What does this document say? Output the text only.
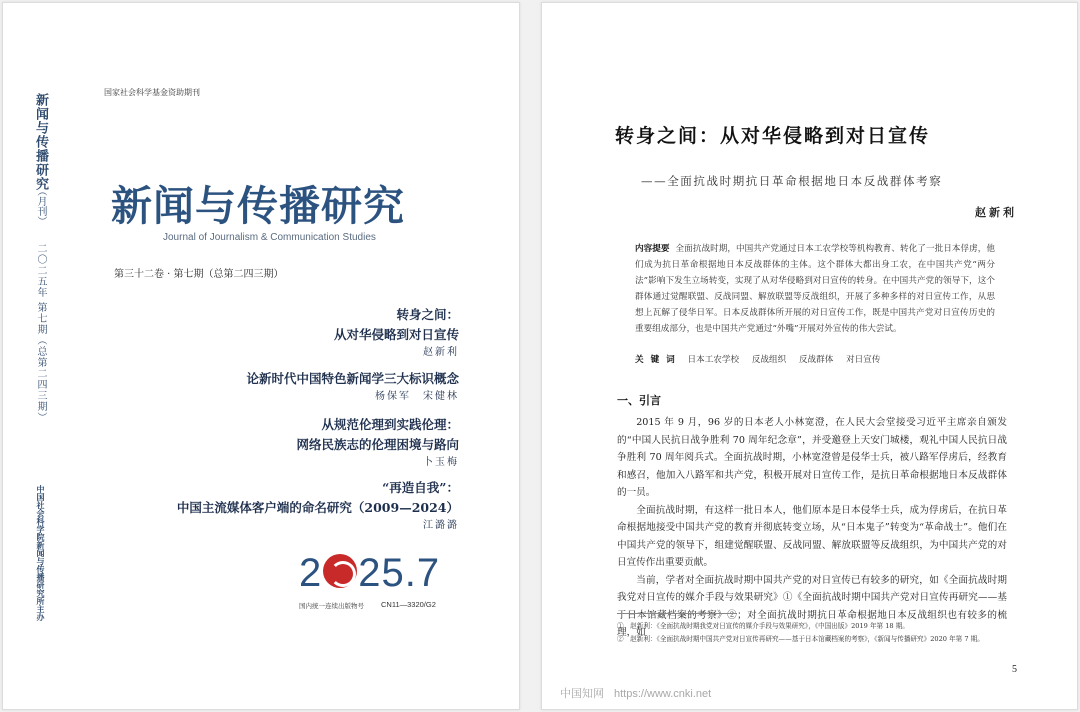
新闻与传播研究
（月刊）
二〇二五年 第七期（总第二四三期）
中国社会科学院新闻与传播研究所主办
国家社会科学基金资助期刊
新闻与传播研究
Journal of Journalism & Communication Studies
第三十二卷 · 第七期（总第二四三期）
转身之间：
从对华侵略到对日宣传
赵新利
论新时代中国特色新闻学三大标识概念
杨保军　宋健林
从规范伦理到实践伦理：
网络民族志的伦理困境与路向
卜玉梅
“再造自我”：
中国主流媒体客户端的命名研究（2009—2024）
江潞潞
2 25.7
国内统一连续出版物号 CN11—3320/G2
转身之间：从对华侵略到对日宣传
——全面抗战时期抗日革命根据地日本反战群体考察
赵新利
内容提要 全面抗战时期，中国共产党通过日本工农学校等机构教育、转化了一批日本俘虏，他们成为抗日革命根据地日本反战群体的主体。这个群体大都出身工农，在中国共产党“两分法”影响下发生立场转变，实现了从对华侵略到对日宣传的转身。在中国共产党的领导下，这个群体通过觉醒联盟、反战同盟、解放联盟等反战组织，开展了多种多样的对日宣传工作，从思想上瓦解了侵华日军。日本反战群体所开展的对日宣传工作，既是中国共产党对日宣传历史的重要组成部分，也是中国共产党通过“外嘴”开展对外宣传的伟大尝试。
关 键 词 日本工农学校 反战组织 反战群体 对日宣传
一、引言

2015 年 9 月，96 岁的日本老人小林宽澄，在人民大会堂接受习近平主席亲自颁发的“中国人民抗日战争胜利 70 周年纪念章”，并受邀登上天安门城楼，观礼中国人民抗日战争胜利 70 周年阅兵式。全面抗战时期，小林宽澄曾是侵华士兵，被八路军俘虏后，经教育和感召，他加入八路军和共产党，积极开展对日宣传工作，是抗日革命根据地日本反战群体的一员。

全面抗战时期，有这样一批日本人，他们原本是日本侵华士兵，成为俘虏后，在抗日革命根据地接受中国共产党的教育并彻底转变立场，从“日本鬼子”转变为“革命战士”。他们在中国共产党的领导下，组建觉醒联盟、反战同盟、解放联盟等反战组织，为中国共产党的对日宣传作出重要贡献。

当前，学者对全面抗战时期中国共产党的对日宣传已有较多的研究，如《全面抗战时期我党对日宣传的媒介手段与效果研究》①《全面抗战时期中国共产党对日宣传再研究——基于日本馆藏档案的考察》②；对全面抗战时期抗日革命根据地日本反战组织也有较多的梳理，如

①　赵新利：《全面抗战时期我党对日宣传的媒介手段与效果研究》，《中国出版》2019 年第 18 期。
②　赵新利：《全面抗战时期中国共产党对日宣传再研究——基于日本馆藏档案的考察》，《新闻与传播研究》2020 年第 7 期。
5
中国知网 https://www.cnki.net
